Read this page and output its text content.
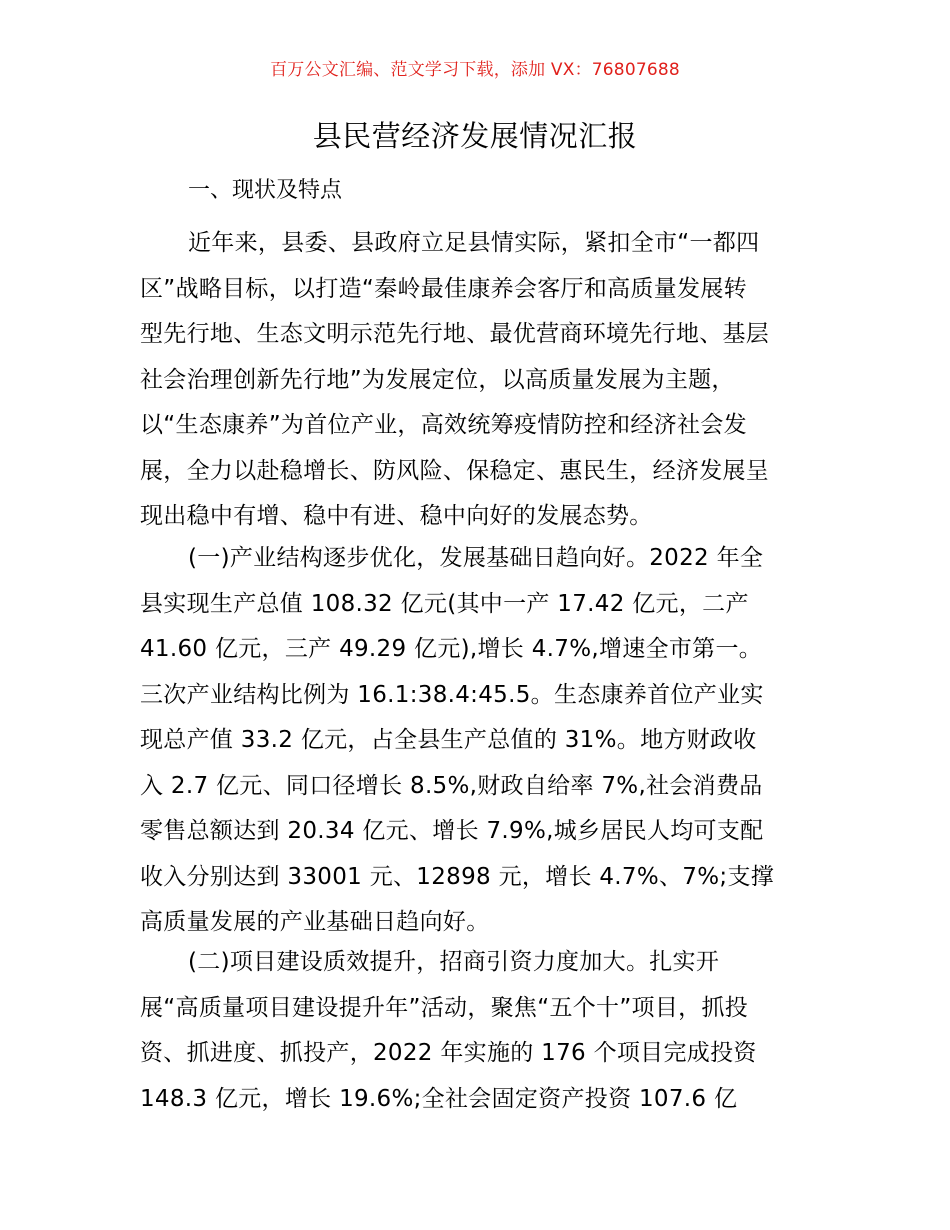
百万公文汇编、范文学习下载，添加 VX：76807688
县民营经济发展情况汇报
一、现状及特点
近年来，县委、县政府立足县情实际，紧扣全市“一都四
区”战略目标，以打造“秦岭最佳康养会客厅和高质量发展转
型先行地、生态文明示范先行地、最优营商环境先行地、基层
社会治理创新先行地”为发展定位，以高质量发展为主题，
以“生态康养”为首位产业，高效统筹疫情防控和经济社会发
展，全力以赴稳增长、防风险、保稳定、惠民生，经济发展呈
现出稳中有增、稳中有进、稳中向好的发展态势。
(一)产业结构逐步优化，发展基础日趋向好。2022 年全
县实现生产总值 108.32 亿元(其中一产 17.42 亿元，二产
41.60 亿元，三产 49.29 亿元),增长 4.7%,增速全市第一。
三次产业结构比例为 16.1:38.4:45.5。生态康养首位产业实
现总产值 33.2 亿元，占全县生产总值的 31%。地方财政收
入 2.7 亿元、同口径增长 8.5%,财政自给率 7%,社会消费品
零售总额达到 20.34 亿元、增长 7.9%,城乡居民人均可支配
收入分别达到 33001 元、12898 元，增长 4.7%、7%;支撑
高质量发展的产业基础日趋向好。
(二)项目建设质效提升，招商引资力度加大。扎实开
展“高质量项目建设提升年”活动，聚焦“五个十”项目，抓投
资、抓进度、抓投产，2022 年实施的 176 个项目完成投资
148.3 亿元，增长 19.6%;全社会固定资产投资 107.6 亿
